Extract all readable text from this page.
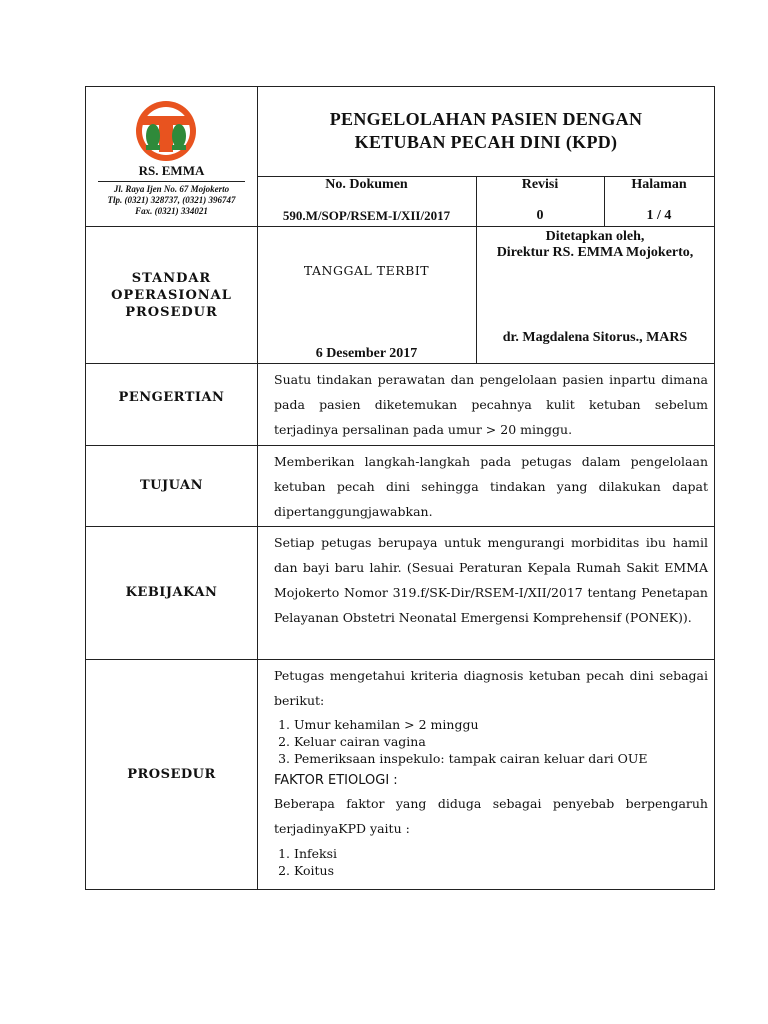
RS. EMMA
Jl. Raya Ijen No. 67 Mojokerto
Tlp. (0321) 328737, (0321) 396747
Fax. (0321) 334021
PENGELOLAHAN PASIEN DENGAN
KETUBAN PECAH DINI (KPD)
No. Dokumen
590.M/SOP/RSEM-I/XII/2017
Revisi
0
Halaman
1 / 4
STANDAR
OPERASIONAL
PROSEDUR
TANGGAL TERBIT
6 Desember 2017
Ditetapkan oleh,
Direktur RS. EMMA Mojokerto,
dr. Magdalena Sitorus., MARS
PENGERTIAN
Suatu tindakan perawatan dan pengelolaan pasien inpartu dimana pada pasien diketemukan pecahnya kulit ketuban sebelum terjadinya persalinan pada umur > 20 minggu.
TUJUAN
Memberikan langkah-langkah pada petugas dalam pengelolaan ketuban pecah dini sehingga tindakan yang dilakukan dapat dipertanggungjawabkan.
KEBIJAKAN
Setiap petugas berupaya untuk mengurangi morbiditas ibu hamil dan bayi baru lahir. (Sesuai Peraturan Kepala Rumah Sakit EMMA Mojokerto Nomor 319.f/SK-Dir/RSEM-I/XII/2017 tentang Penetapan Pelayanan Obstetri Neonatal Emergensi Komprehensif (PONEK)).
PROSEDUR
Petugas mengetahui kriteria diagnosis ketuban pecah dini sebagai berikut:
1. Umur kehamilan > 2 minggu
2. Keluar cairan vagina
3. Pemeriksaan inspekulo: tampak cairan keluar dari OUE
FAKTOR ETIOLOGI :
Beberapa faktor yang diduga sebagai penyebab berpengaruh terjadinyaKPD yaitu :
1. Infeksi
2. Koitus
